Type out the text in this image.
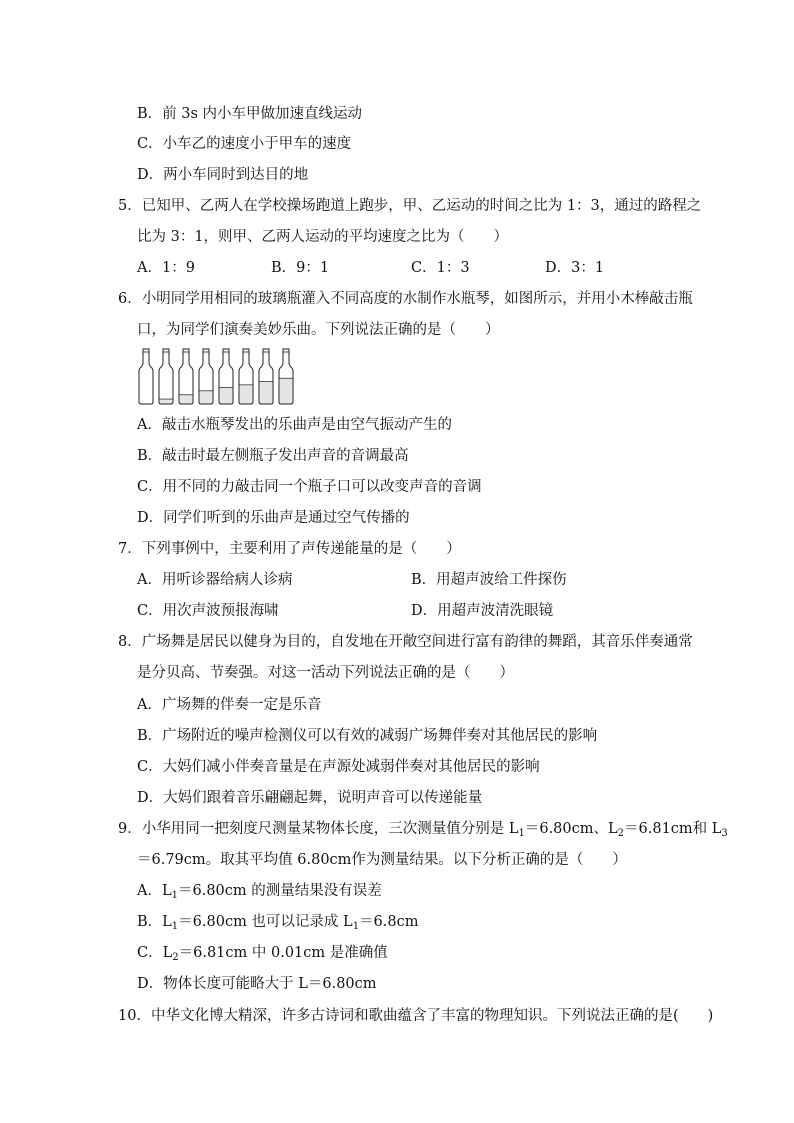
B．前 3s 内小车甲做加速直线运动
C．小车乙的速度小于甲车的速度
D．两小车同时到达目的地
5．已知甲、乙两人在学校操场跑道上跑步，甲、乙运动的时间之比为 1：3，通过的路程之
比为 3：1，则甲、乙两人运动的平均速度之比为（　　）
A．1：9	B．9：1	C．1：3	D．3：1
6．小明同学用相同的玻璃瓶灌入不同高度的水制作水瓶琴，如图所示，并用小木棒敲击瓶
口，为同学们演奏美妙乐曲。下列说法正确的是（　　）
A．敲击水瓶琴发出的乐曲声是由空气振动产生的
B．敲击时最左侧瓶子发出声音的音调最高
C．用不同的力敲击同一个瓶子口可以改变声音的音调
D．同学们听到的乐曲声是通过空气传播的
7．下列事例中，主要利用了声传递能量的是（　　）
A．用听诊器给病人诊病	B．用超声波给工件探伤
C．用次声波预报海啸	D．用超声波清洗眼镜
8．广场舞是居民以健身为目的，自发地在开敞空间进行富有韵律的舞蹈，其音乐伴奏通常
是分贝高、节奏强。对这一活动下列说法正确的是（　　）
A．广场舞的伴奏一定是乐音
B．广场附近的噪声检测仪可以有效的减弱广场舞伴奏对其他居民的影响
C．大妈们减小伴奏音量是在声源处减弱伴奏对其他居民的影响
D．大妈们跟着音乐翩翩起舞，说明声音可以传递能量
9．小华用同一把刻度尺测量某物体长度，三次测量值分别是 $L_1=6.80cm$、$L_2=6.81cm$和 $L_3$
＝6.79cm。取其平均值 6.80cm作为测量结果。以下分析正确的是（　　）
A．$L_1=6.80cm$ 的测量结果没有误差
B．$L_1=6.80cm$ 也可以记录成 $L_1=6.8cm$
C．$L_2=6.81cm$ 中 0.01cm 是准确值
D．物体长度可能略大于 L＝6.80cm
10．中华文化博大精深，许多古诗词和歌曲蕴含了丰富的物理知识。下列说法正确的是(　　)
